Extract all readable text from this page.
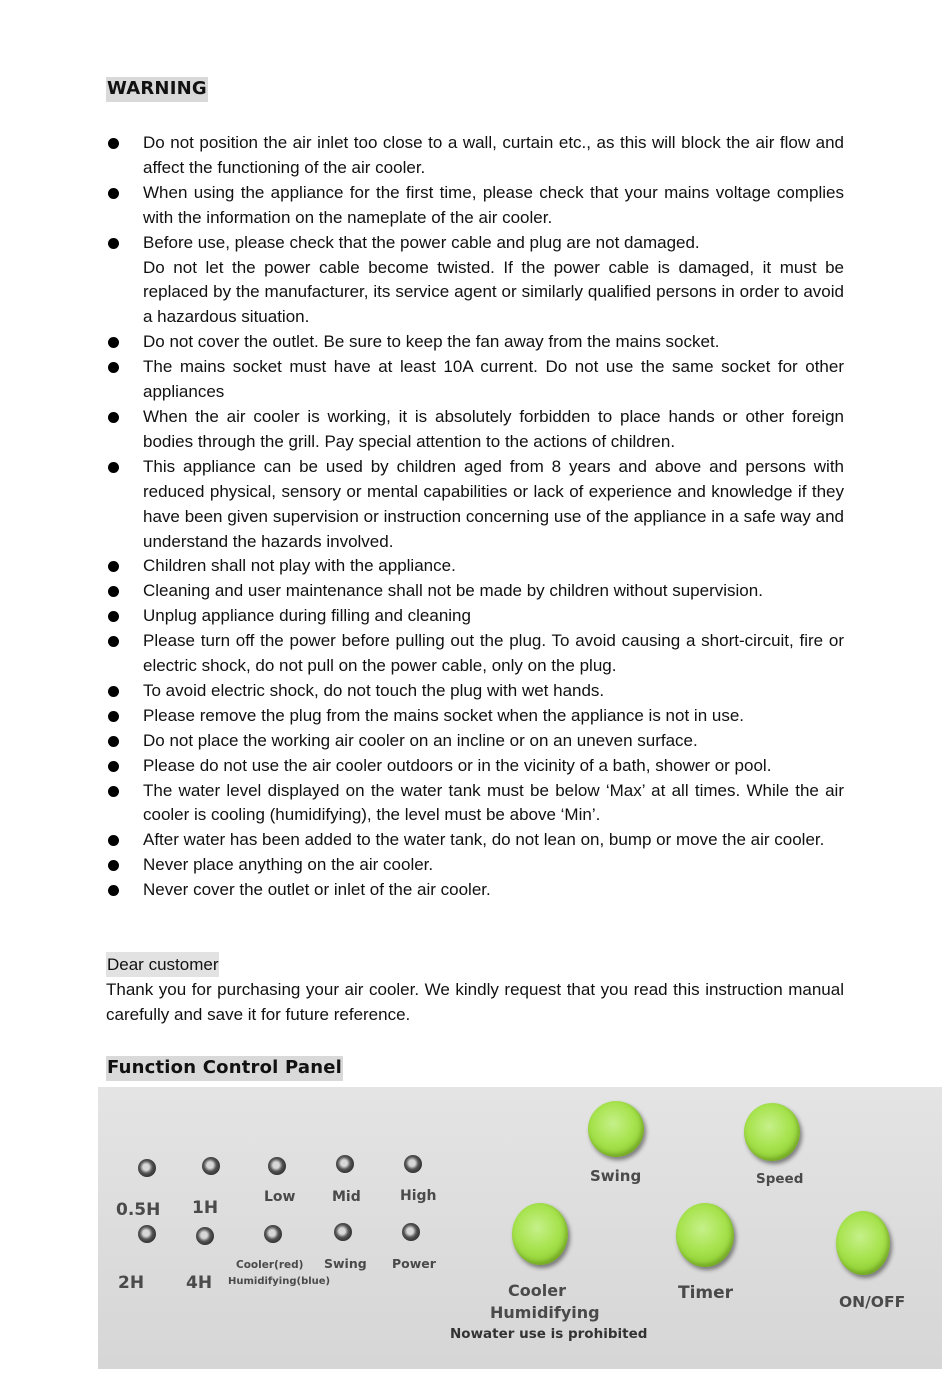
WARNING
Do not position the air inlet too close to a wall, curtain etc., as this will block the air flow and affect the functioning of the air cooler.
When using the appliance for the first time, please check that your mains voltage complies with the information on the nameplate of the air cooler.
Before use, please check that the power cable and plug are not damaged.
Do not let the power cable become twisted. If the power cable is damaged, it must be replaced by the manufacturer, its service agent or similarly qualified persons in order to avoid a hazardous situation.
Do not cover the outlet. Be sure to keep the fan away from the mains socket.
The mains socket must have at least 10A current. Do not use the same socket for other appliances
When the air cooler is working, it is absolutely forbidden to place hands or other foreign bodies through the grill. Pay special attention to the actions of children.
This appliance can be used by children aged from 8 years and above and persons with reduced physical, sensory or mental capabilities or lack of experience and knowledge if they have been given supervision or instruction concerning use of the appliance in a safe way and understand the hazards involved.
Children shall not play with the appliance.
Cleaning and user maintenance shall not be made by children without supervision.
Unplug appliance during filling and cleaning
Please turn off the power before pulling out the plug. To avoid causing a short-circuit, fire or electric shock, do not pull on the power cable, only on the plug.
To avoid electric shock, do not touch the plug with wet hands.
Please remove the plug from the mains socket when the appliance is not in use.
Do not place the working air cooler on an incline or on an uneven surface.
Please do not use the air cooler outdoors or in the vicinity of a bath, shower or pool.
The water level displayed on the water tank must be below ‘Max’ at all times. While the air cooler is cooling (humidifying), the level must be above ‘Min’.
After water has been added to the water tank, do not lean on, bump or move the air cooler.
Never place anything on the air cooler.
Never cover the outlet or inlet of the air cooler.
Dear customer

Thank you for purchasing your air cooler. We kindly request that you read this instruction manual carefully and save it for future reference.

Function Control Panel
0.5H 1H
2H 4H
Low	Mid	High
Cooler(red)
Humidifying(blue)
Swing Power
Swing	Speed
Cooler
Humidifying
Nowater use is prohibited
Timer	ON/OFF
